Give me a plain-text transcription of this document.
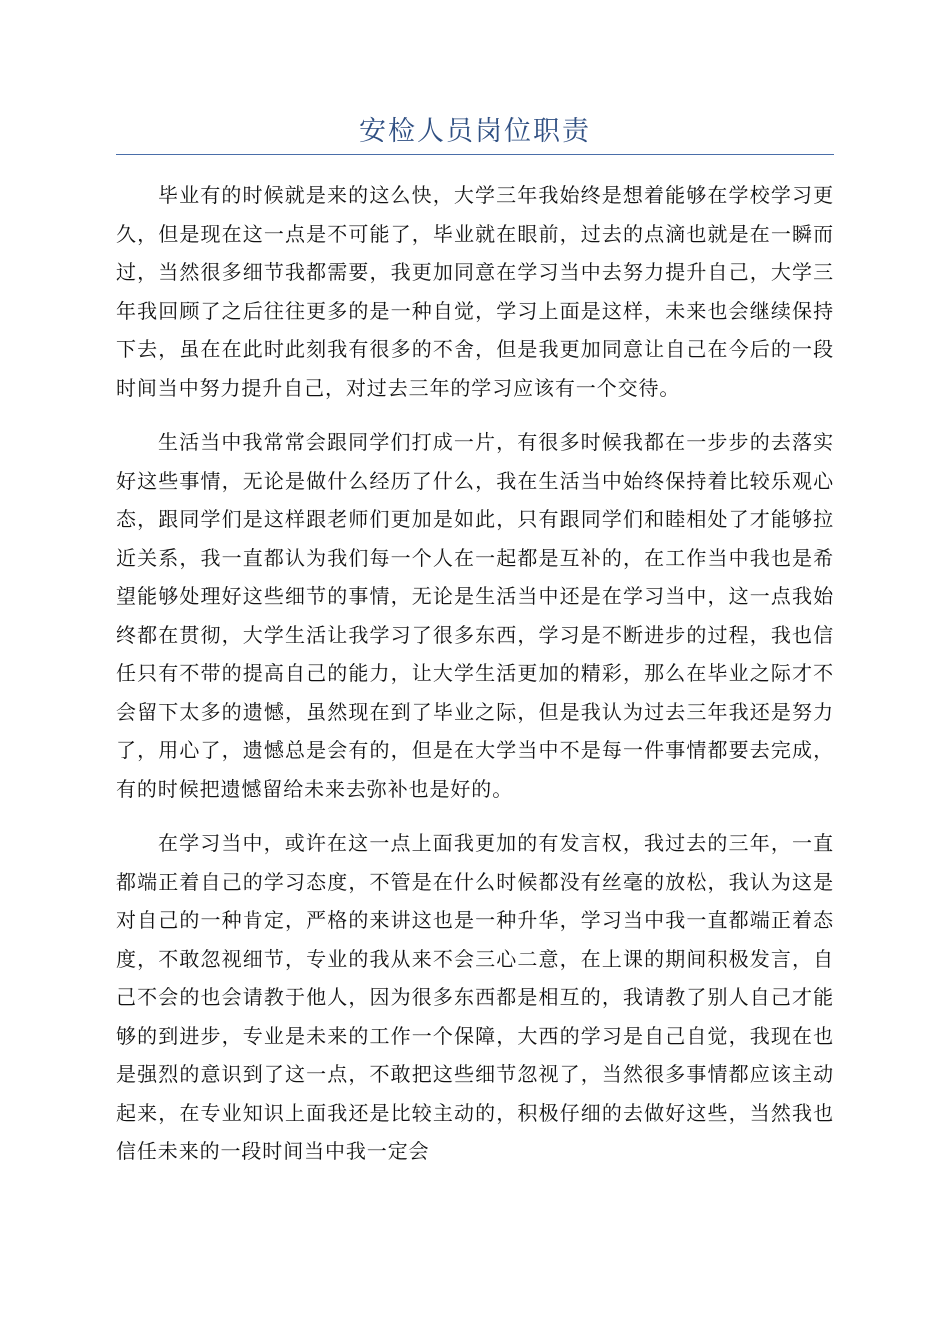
安检人员岗位职责

毕业有的时候就是来的这么快，大学三年我始终是想着能够在学校学习更久，但是现在这一点是不可能了，毕业就在眼前，过去的点滴也就是在一瞬而过，当然很多细节我都需要，我更加同意在学习当中去努力提升自己，大学三年我回顾了之后往往更多的是一种自觉，学习上面是这样，未来也会继续保持下去，虽在在此时此刻我有很多的不舍，但是我更加同意让自己在今后的一段时间当中努力提升自己，对过去三年的学习应该有一个交待。

生活当中我常常会跟同学们打成一片，有很多时候我都在一步步的去落实好这些事情，无论是做什么经历了什么，我在生活当中始终保持着比较乐观心态，跟同学们是这样跟老师们更加是如此，只有跟同学们和睦相处了才能够拉近关系，我一直都认为我们每一个人在一起都是互补的，在工作当中我也是希望能够处理好这些细节的事情，无论是生活当中还是在学习当中，这一点我始终都在贯彻，大学生活让我学习了很多东西，学习是不断进步的过程，我也信任只有不带的提高自己的能力，让大学生活更加的精彩，那么在毕业之际才不会留下太多的遗憾，虽然现在到了毕业之际，但是我认为过去三年我还是努力了，用心了，遗憾总是会有的，但是在大学当中不是每一件事情都要去完成，有的时候把遗憾留给未来去弥补也是好的。

在学习当中，或许在这一点上面我更加的有发言权，我过去的三年，一直都端正着自己的学习态度，不管是在什么时候都没有丝毫的放松，我认为这是对自己的一种肯定，严格的来讲这也是一种升华，学习当中我一直都端正着态度，不敢忽视细节，专业的我从来不会三心二意，在上课的期间积极发言，自己不会的也会请教于他人，因为很多东西都是相互的，我请教了别人自己才能够的到进步，专业是未来的工作一个保障，大西的学习是自己自觉，我现在也是强烈的意识到了这一点，不敢把这些细节忽视了，当然很多事情都应该主动起来，在专业知识上面我还是比较主动的，积极仔细的去做好这些，当然我也信任未来的一段时间当中我一定会
